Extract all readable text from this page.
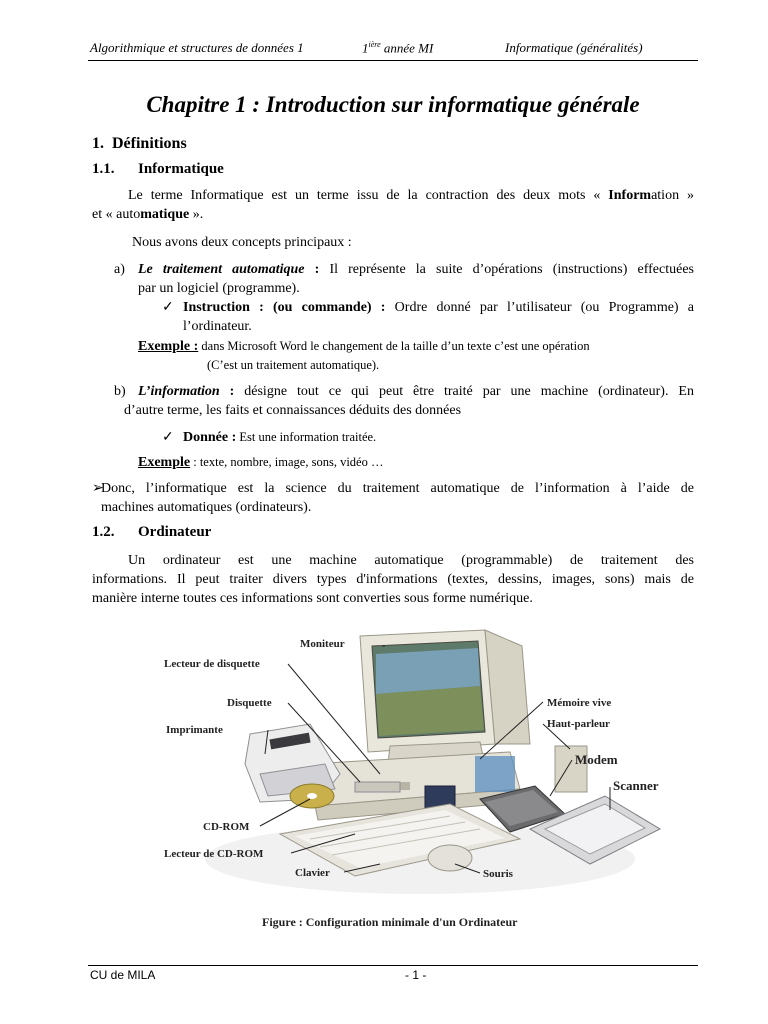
Algorithmique et structures de données 1	$1^{ière}$ année MI	Informatique (généralités)
Chapitre 1 : Introduction sur informatique générale
1. Définitions
1.1. Informatique
Le terme Informatique est un terme issu de la contraction des deux mots « Information »
et « automatique ».
Nous avons deux concepts principaux :
a) Le traitement automatique : Il représente la suite d’opérations (instructions) effectuées
par un logiciel (programme).
✓ Instruction : (ou commande) : Ordre donné par l’utilisateur (ou Programme) a
l’ordinateur.
Exemple : dans Microsoft Word le changement de la taille d’un texte c’est une opération
(C’est un traitement automatique).
b) L’information : désigne tout ce qui peut être traité par une machine (ordinateur). En
d’autre terme, les faits et connaissances déduits des données
✓ Donnée : Est une information traitée.
Exemple : texte, nombre, image, sons, vidéo …
➢
Donc, l’informatique est la science du traitement automatique de l’information à l’aide de
machines automatiques (ordinateurs).
1.2. Ordinateur
Un ordinateur est une machine automatique (programmable) de traitement des
informations. Il peut traiter divers types d'informations (textes, dessins, images, sons) mais de
manière interne toutes ces informations sont converties sous forme numérique.
Moniteur
Lecteur de disquette
Disquette
Imprimante
Mémoire vive
Haut-parleur
Modem
Scanner
CD-ROM
Lecteur de CD-ROM
Clavier	Souris
Figure : Configuration minimale d'un Ordinateur
CU de MILA	- 1 -
